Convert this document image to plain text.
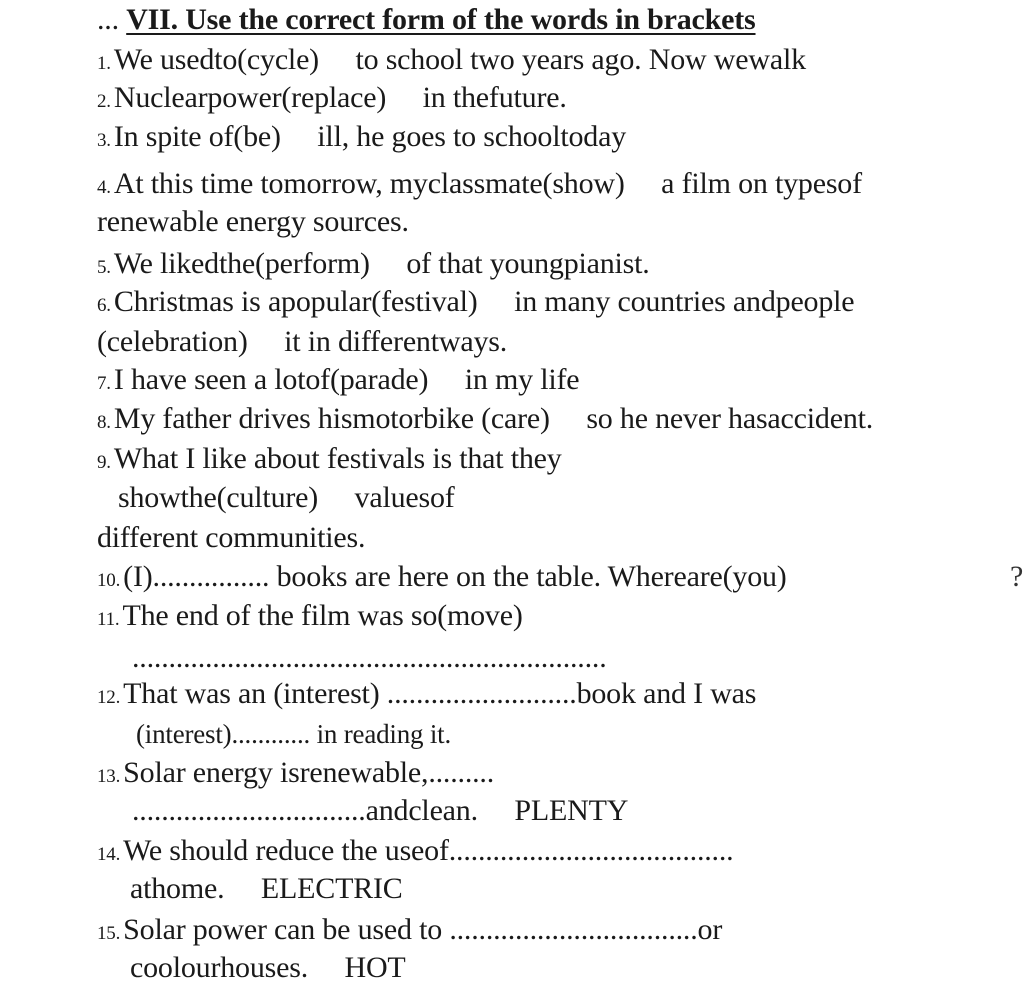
... VII. Use the correct form of the words in brackets
1. We usedto(cycle)     to school two years ago. Now wewalk
2. Nuclearpower(replace)     in thefuture.
3. In spite of(be)     ill, he goes to schooltoday
4. At this time tomorrow, myclassmate(show)     a film on typesof
renewable energy sources.
5. We likedthe(perform)     of that youngpianist.
6. Christmas is apopular(festival)     in many countries andpeople
(celebration)     it in differentways.
7. I have seen a lotof(parade)     in my life
8. My father drives hismotorbike (care)     so he never hasaccident.
9. What I like about festivals is that they
showthe(culture)     valuesof
different communities.
10. (I)................ books are here on the table. Whereare(you)	?
11. The end of the film was so(move)
.................................................................
12. That was an (interest) ..........................book and I was
(interest)............ in reading it.
13. Solar energy isrenewable,.........
................................andclean.     PLENTY
14. We should reduce the useof.......................................
athome.     ELECTRIC
15. Solar power can be used to ..................................or
coolourhouses.     HOT
